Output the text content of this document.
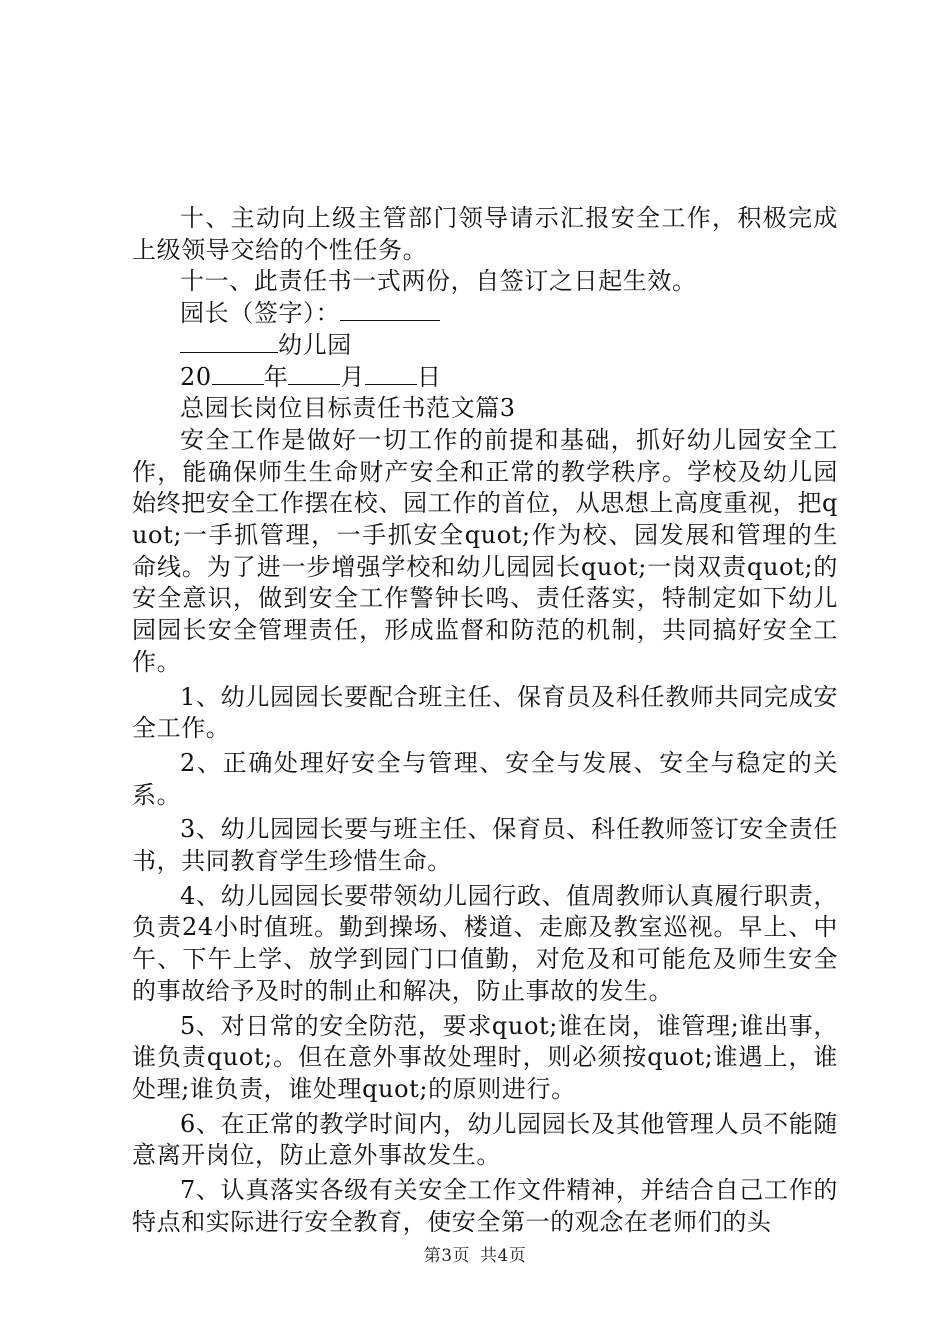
十、主动向上级主管部门领导请示汇报安全工作，积极完成上级领导交给的个性任务。

十一、此责任书一式两份，自签订之日起生效。

园长（签字）：

幼儿园

20 年 月 日

总园长岗位目标责任书范文篇3

安全工作是做好一切工作的前提和基础，抓好幼儿园安全工作，能确保师生生命财产安全和正常的教学秩序。学校及幼儿园始终把安全工作摆在校、园工作的首位，从思想上高度重视，把quot;一手抓管理，一手抓安全quot;作为校、园发展和管理的生命线。为了进一步增强学校和幼儿园园长quot;一岗双责quot;的安全意识，做到安全工作警钟长鸣、责任落实，特制定如下幼儿园园长安全管理责任，形成监督和防范的机制，共同搞好安全工作。

1、幼儿园园长要配合班主任、保育员及科任教师共同完成安全工作。

2、正确处理好安全与管理、安全与发展、安全与稳定的关系。

3、幼儿园园长要与班主任、保育员、科任教师签订安全责任书，共同教育学生珍惜生命。

4、幼儿园园长要带领幼儿园行政、值周教师认真履行职责，负责24小时值班。勤到操场、楼道、走廊及教室巡视。早上、中午、下午上学、放学到园门口值勤，对危及和可能危及师生安全的事故给予及时的制止和解决，防止事故的发生。

5、对日常的安全防范，要求quot;谁在岗，谁管理;谁出事，谁负责quot;。但在意外事故处理时，则必须按quot;谁遇上，谁处理;谁负责，谁处理quot;的原则进行。

6、在正常的教学时间内，幼儿园园长及其他管理人员不能随意离开岗位，防止意外事故发生。

7、认真落实各级有关安全工作文件精神，并结合自己工作的特点和实际进行安全教育，使安全第一的观念在老师们的头

第3页 共4页
